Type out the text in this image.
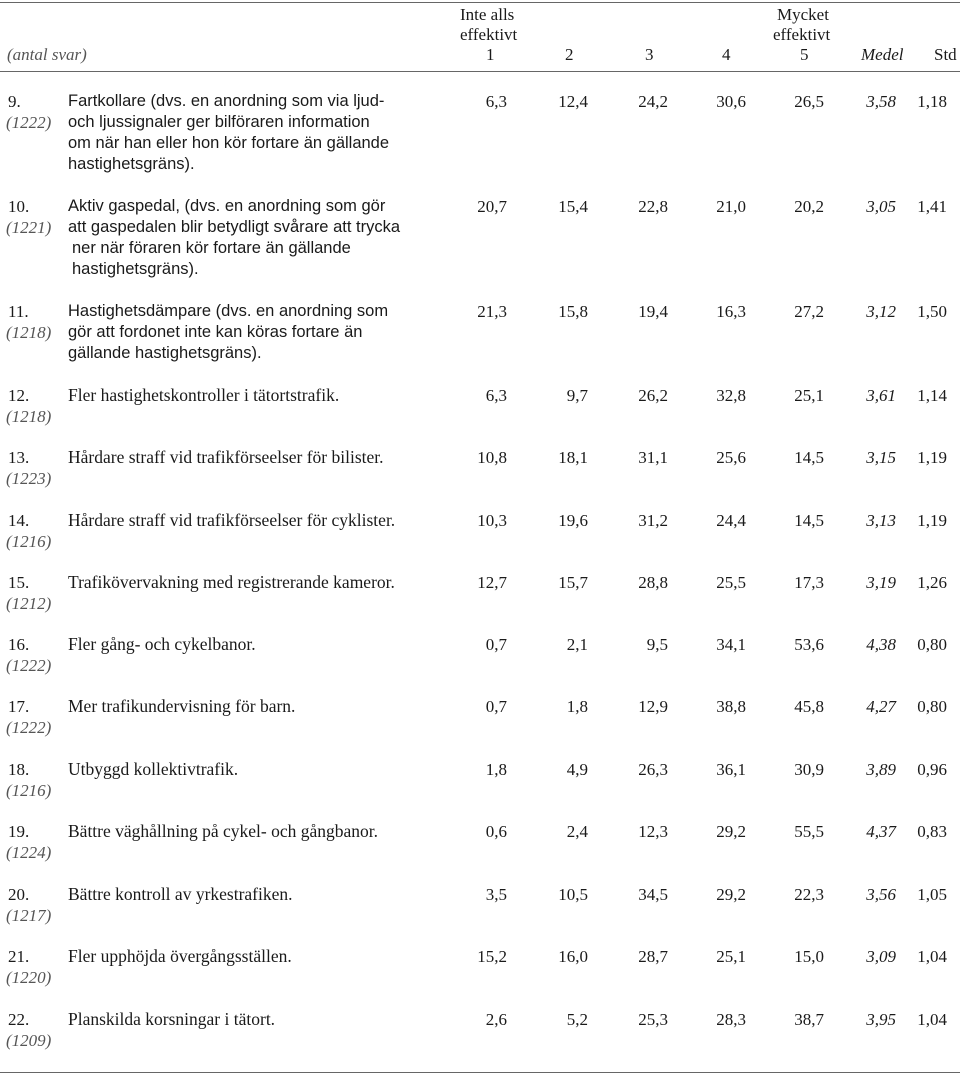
Inte alls
effektivt
Mycket
effektivt
(antal svar)	1	2	3	4	5	Medel Std
9.
(1222)
Fartkollare (dvs. en anordning som via ljud-
och ljussignaler ger bilföraren information
om när han eller hon kör fortare än gällande
hastighetsgräns).
6,3	12,4	24,2	30,6	26,5 3,58 1,18
10.
(1221)
Aktiv gaspedal, (dvs. en anordning som gör
att gaspedalen blir betydligt svårare att trycka
ner när föraren kör fortare än gällande
hastighetsgräns).
20,7	15,4	22,8	21,0	20,2 3,05 1,41
11.
(1218)
Hastighetsdämpare (dvs. en anordning som
gör att fordonet inte kan köras fortare än
gällande hastighetsgräns).
21,3	15,8	19,4	16,3	27,2 3,12 1,50
12.
(1218)
Fler hastighetskontroller i tätortstrafik.	6,3	9,7	26,2	32,8	25,1 3,61 1,14
13.
(1223)
Hårdare straff vid trafikförseelser för bilister.	10,8	18,1	31,1	25,6	14,5 3,15 1,19
14.
(1216)
Hårdare straff vid trafikförseelser för cyklister.	10,3	19,6	31,2	24,4	14,5 3,13 1,19
15.
(1212)
Trafikövervakning med registrerande kameror.	12,7	15,7	28,8	25,5	17,3 3,19 1,26
16.
(1222)
Fler gång- och cykelbanor.	0,7	2,1	9,5	34,1	53,6 4,38 0,80
17.
(1222)
Mer trafikundervisning för barn.	0,7	1,8	12,9	38,8	45,8 4,27 0,80
18.
(1216)
Utbyggd kollektivtrafik.	1,8	4,9	26,3	36,1	30,9 3,89 0,96
19.
(1224)
Bättre väghållning på cykel- och gångbanor.	0,6	2,4	12,3	29,2	55,5 4,37 0,83
20.
(1217)
Bättre kontroll av yrkestrafiken.	3,5	10,5	34,5	29,2	22,3 3,56 1,05
21.
(1220)
Fler upphöjda övergångsställen.	15,2	16,0	28,7	25,1	15,0 3,09 1,04
22.
(1209)
Planskilda korsningar i tätort.	2,6	5,2	25,3	28,3	38,7 3,95 1,04
